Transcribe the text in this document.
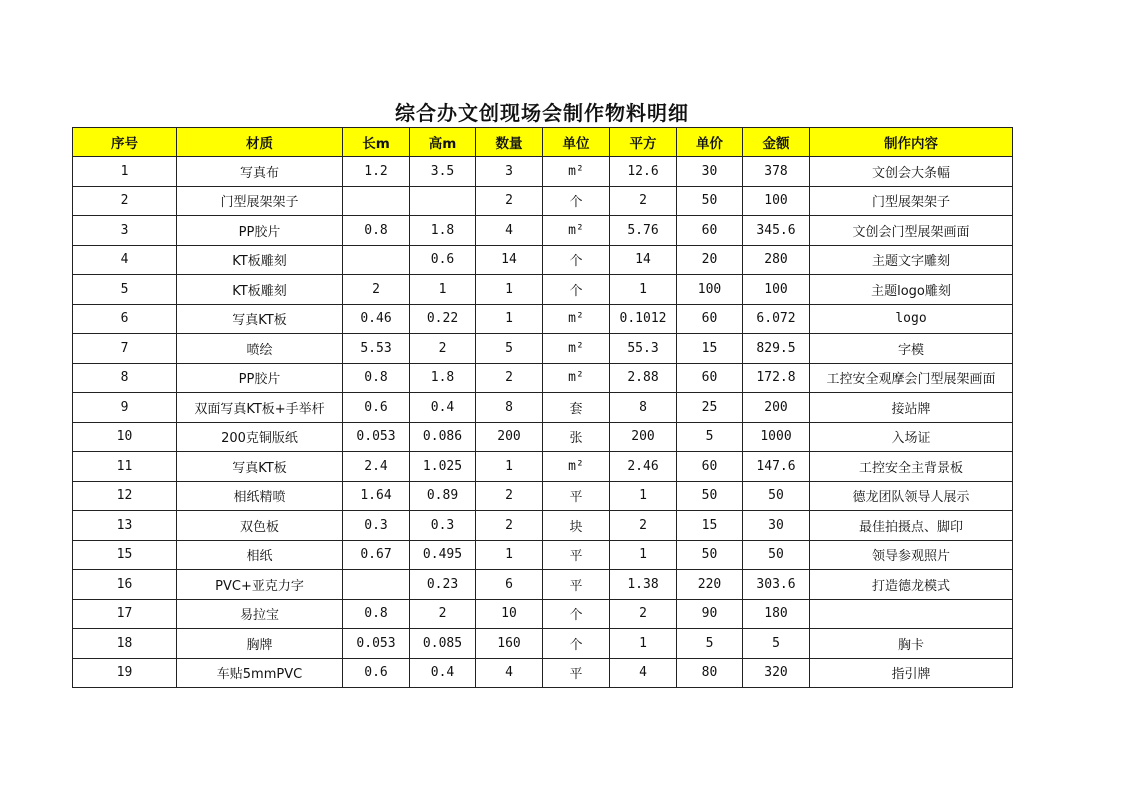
综合办文创现场会制作物料明细
序号	材质	长m	高m	数量	单位	平方	单价	金额	制作内容
1	写真布	1.2	3.5	3	m²	12.6	30	378	文创会大条幅
2	门型展架架子			2	个	2	50	100	门型展架架子
3	PP胶片	0.8	1.8	4	m²	5.76	60	345.6	文创会门型展架画面
4	KT板雕刻		0.6	14	个	14	20	280	主题文字雕刻
5	KT板雕刻	2	1	1	个	1	100	100	主题logo雕刻
6	写真KT板	0.46	0.22	1	m²	0.1012	60	6.072	logo
7	喷绘	5.53	2	5	m²	55.3	15	829.5	字模
8	PP胶片	0.8	1.8	2	m²	2.88	60	172.8	工控安全观摩会门型展架画面
9	双面写真KT板+手举杆	0.6	0.4	8	套	8	25	200	接站牌
10	200克铜版纸	0.053	0.086	200	张	200	5	1000	入场证
11	写真KT板	2.4	1.025	1	m²	2.46	60	147.6	工控安全主背景板
12	相纸精喷	1.64	0.89	2	平	1	50	50	德龙团队领导人展示
13	双色板	0.3	0.3	2	块	2	15	30	最佳拍摄点、脚印
15	相纸	0.67	0.495	1	平	1	50	50	领导参观照片
16	PVC+亚克力字		0.23	6	平	1.38	220	303.6	打造德龙模式
17	易拉宝	0.8	2	10	个	2	90	180	
18	胸牌	0.053	0.085	160	个	1	5	5	胸卡
19	车贴5mmPVC	0.6	0.4	4	平	4	80	320	指引牌
